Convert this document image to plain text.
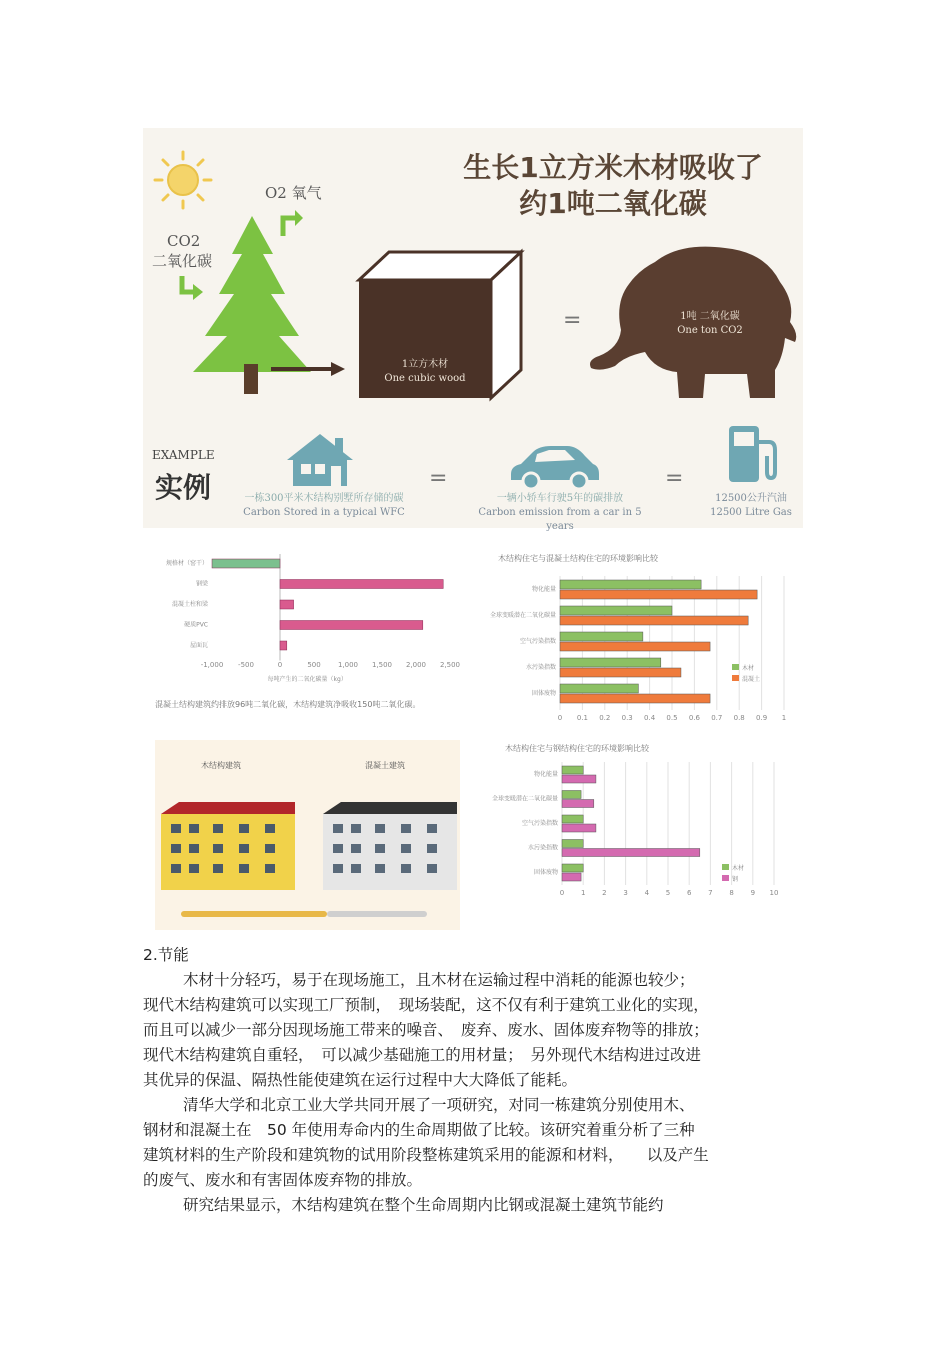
O2 氧气
CO2
二氧化碳
1立方木材
One cubic wood
=	1吨 二氧化碳
One ton CO2
生长1立方米木材吸收了
约1吨二氧化碳
EXAMPLE
实例	一栋300平米木结构别墅所存储的碳
Carbon Stored in a typical WFC
=
一辆小轿车行驶5年的碳排放
Carbon emission from a car in 5 years
=
12500公升汽油
12500 Litre Gas
规格材（窑干）
钢梁
混凝土柱和梁
硬质PVC
屋面瓦
-1,000 -500	0	500 1,000 1,500 2,000 2,500
每吨产生的二氧化碳量（kg）
混凝土结构建筑约排放96吨二氧化碳，木结构建筑净吸收150吨二氧化碳。
木结构住宅与混凝土结构住宅的环境影响比较
0 0.1 0.2 0.3 0.4 0.5 0.6 0.7 0.8 0.9 1
物化能量
全球变暖潜在二氧化碳量
空气污染指数
水污染指数
固体废物
木材
混凝土
木结构建筑	混凝土建筑
木结构住宅与钢结构住宅的环境影响比较
0 1 2 3 4 5 6 7 8 9 10
物化能量
全球变暖潜在二氧化碳量
空气污染指数
水污染指数
固体废物
木材
钢
2.节能
木材十分轻巧，易于在现场施工，且木材在运输过程中消耗的能源也较少；
现代木结构建筑可以实现工厂预制，　现场装配，这不仅有利于建筑工业化的实现，
而且可以减少一部分因现场施工带来的噪音、　废弃、废水、固体废弃物等的排放；
现代木结构建筑自重轻，　可以减少基础施工的用材量；　另外现代木结构进过改进
其优异的保温、隔热性能使建筑在运行过程中大大降低了能耗。
清华大学和北京工业大学共同开展了一项研究，对同一栋建筑分别使用木、
钢材和混凝土在　50 年使用寿命内的生命周期做了比较。该研究着重分析了三种
建筑材料的生产阶段和建筑物的试用阶段整栋建筑采用的能源和材料，　　以及产生
的废气、废水和有害固体废弃物的排放。
研究结果显示，木结构建筑在整个生命周期内比钢或混凝土建筑节能约
